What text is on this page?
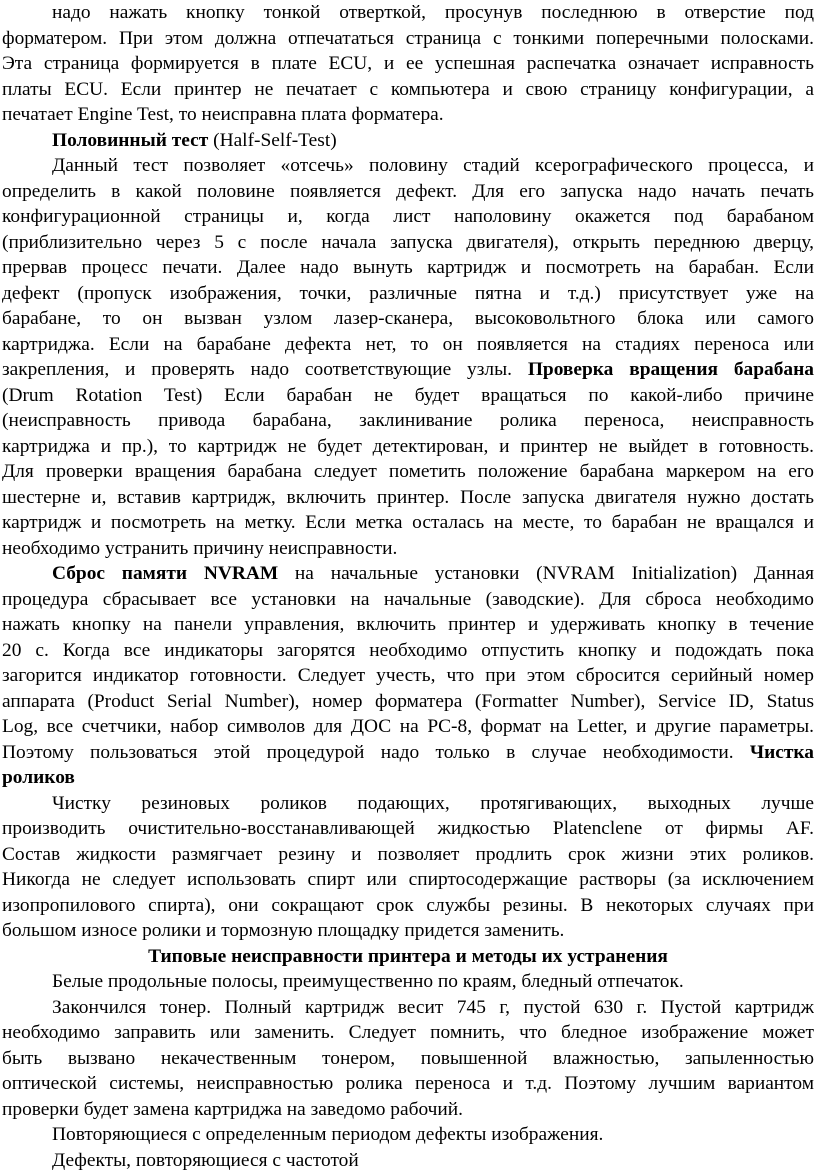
надо нажать кнопку тонкой отверткой, просунув последнюю в отверстие под
форматером. При этом должна отпечататься страница с тонкими поперечными полосками.
Эта страница формируется в плате ECU, и ее успешная распечатка означает исправность
платы ECU. Если принтер не печатает с компьютера и свою страницу конфигурации, а
печатает Engine Test, то неисправна плата форматера.
Половинный тест (Half-Self-Test)
Данный тест позволяет «отсечь» половину стадий ксерографического процесса, и
определить в какой половине появляется дефект. Для его запуска надо начать печать
конфигурационной страницы и, когда лист наполовину окажется под барабаном
(приблизительно через 5 с после начала запуска двигателя), открыть переднюю дверцу,
прервав процесс печати. Далее надо вынуть картридж и посмотреть на барабан. Если
дефект (пропуск изображения, точки, различные пятна и т.д.) присутствует уже на
барабане, то он вызван узлом лазер-сканера, высоковольтного блока или самого
картриджа. Если на барабане дефекта нет, то он появляется на стадиях переноса или
закрепления, и проверять надо соответствующие узлы. Проверка вращения барабана
(Drum Rotation Test) Если барабан не будет вращаться по какой-либо причине
(неисправность привода барабана, заклинивание ролика переноса, неисправность
картриджа и пр.), то картридж не будет детектирован, и принтер не выйдет в готовность.
Для проверки вращения барабана следует пометить положение барабана маркером на его
шестерне и, вставив картридж, включить принтер. После запуска двигателя нужно достать
картридж и посмотреть на метку. Если метка осталась на месте, то барабан не вращался и
необходимо устранить причину неисправности.
Сброс памяти NVRAM на начальные установки (NVRAM Initialization) Данная
процедура сбрасывает все установки на начальные (заводские). Для сброса необходимо
нажать кнопку на панели управления, включить принтер и удерживать кнопку в течение
20 с. Когда все индикаторы загорятся необходимо отпустить кнопку и подождать пока
загорится индикатор готовности. Следует учесть, что при этом сбросится серийный номер
аппарата (Product Serial Number), номер форматера (Formatter Number), Service ID, Status
Log, все счетчики, набор символов для ДОС на PC-8, формат на Letter, и другие параметры.
Поэтому пользоваться этой процедурой надо только в случае необходимости. Чистка
роликов
Чистку резиновых роликов подающих, протягивающих, выходных лучше
производить очистительно-восстанавливающей жидкостью Platenclene от фирмы AF.
Состав жидкости размягчает резину и позволяет продлить срок жизни этих роликов.
Никогда не следует использовать спирт или спиртосодержащие растворы (за исключением
изопропилового спирта), они сокращают срок службы резины. В некоторых случаях при
большом износе ролики и тормозную площадку придется заменить.
Типовые неисправности принтера и методы их устранения
Белые продольные полосы, преимущественно по краям, бледный отпечаток.
Закончился тонер. Полный картридж весит 745 г, пустой 630 г. Пустой картридж
необходимо заправить или заменить. Следует помнить, что бледное изображение может
быть вызвано некачественным тонером, повышенной влажностью, запыленностью
оптической системы, неисправностью ролика переноса и т.д. Поэтому лучшим вариантом
проверки будет замена картриджа на заведомо рабочий.
Повторяющиеся с определенным периодом дефекты изображения.
Дефекты, повторяющиеся с частотой
